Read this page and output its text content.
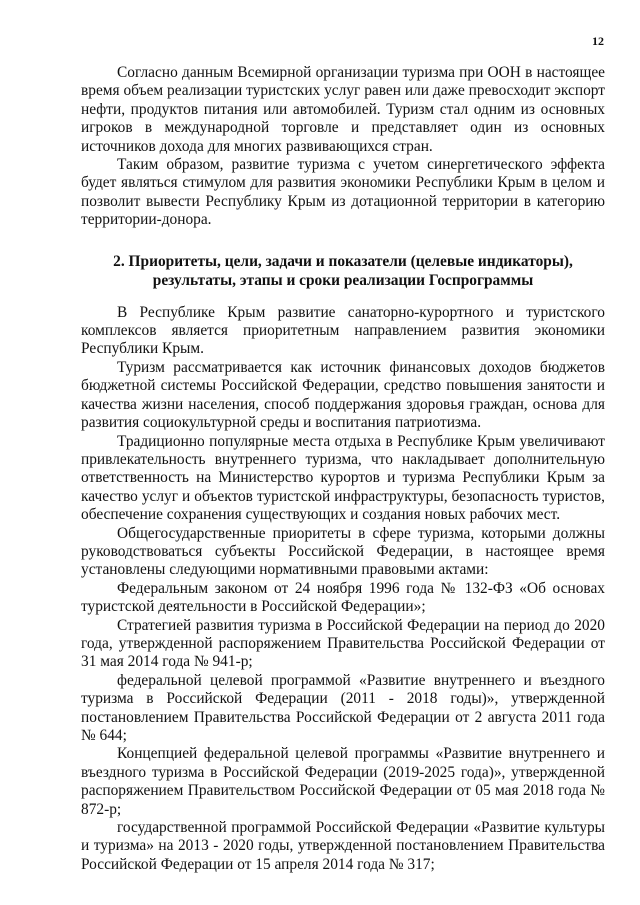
12

Согласно данным Всемирной организации туризма при ООН в настоящее время объем реализации туристских услуг равен или даже превосходит экспорт нефти, продуктов питания или автомобилей. Туризм стал одним из основных игроков в международной торговле и представляет один из основных источников дохода для многих развивающихся стран.

Таким образом, развитие туризма с учетом синергетического эффекта будет являться стимулом для развития экономики Республики Крым в целом и позволит вывести Республику Крым из дотационной территории в категорию территории-донора.

2. Приоритеты, цели, задачи и показатели (целевые индикаторы),
результаты, этапы и сроки реализации Госпрограммы

В Республике Крым развитие санаторно-курортного и туристского комплексов является приоритетным направлением развития экономики Республики Крым.

Туризм рассматривается как источник финансовых доходов бюджетов бюджетной системы Российской Федерации, средство повышения занятости и качества жизни населения, способ поддержания здоровья граждан, основа для развития социокультурной среды и воспитания патриотизма.

Традиционно популярные места отдыха в Республике Крым увеличивают привлекательность внутреннего туризма, что накладывает дополнительную ответственность на Министерство курортов и туризма Республики Крым за качество услуг и объектов туристской инфраструктуры, безопасность туристов, обеспечение сохранения существующих и создания новых рабочих мест.

Общегосударственные приоритеты в сфере туризма, которыми должны руководствоваться субъекты Российской Федерации, в настоящее время установлены следующими нормативными правовыми актами:

Федеральным законом от 24 ноября 1996 года № 132-ФЗ «Об основах туристской деятельности в Российской Федерации»;

Стратегией развития туризма в Российской Федерации на период до 2020 года, утвержденной распоряжением Правительства Российской Федерации от 31 мая 2014 года № 941-р;

федеральной целевой программой «Развитие внутреннего и въездного туризма в Российской Федерации (2011 - 2018 годы)», утвержденной постановлением Правительства Российской Федерации от 2 августа 2011 года № 644;

Концепцией федеральной целевой программы «Развитие внутреннего и въездного туризма в Российской Федерации (2019-2025 годa)», утвержденной распоряжением Правительством Российской Федерации от 05 мая 2018 года № 872-р;

государственной программой Российской Федерации «Развитие культуры и туризма» на 2013 - 2020 годы, утвержденной постановлением Правительства Российской Федерации от 15 апреля 2014 года № 317;
